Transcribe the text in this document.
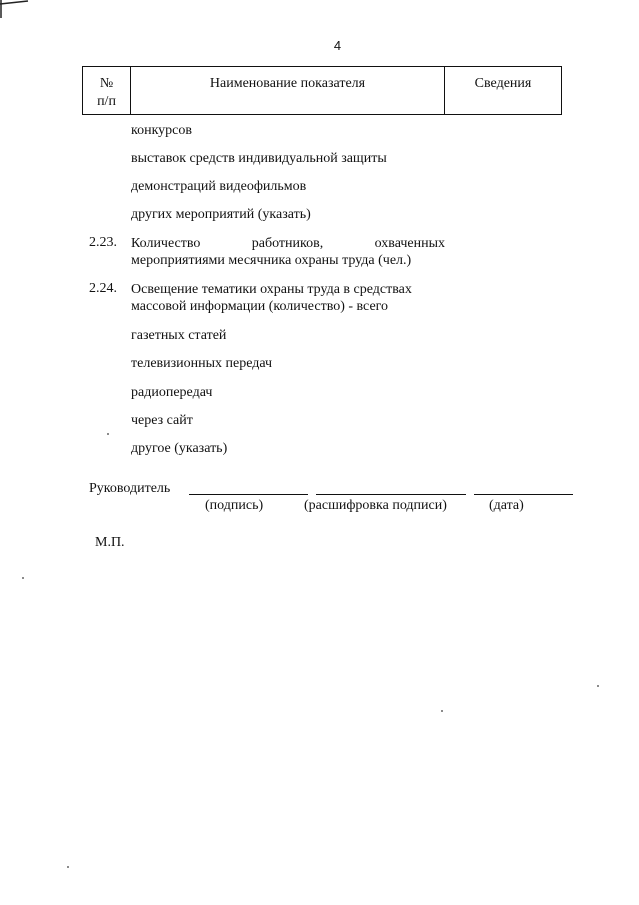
4
№
п/п
	Наименование показателя	Сведения
конкурсов
выставок средств индивидуальной защиты
демонстраций видеофильмов
других мероприятий (указать)
2.23. Количество работников, охваченных
мероприятиями месячника охраны труда (чел.)
2.24. Освещение тематики охраны труда в средствах
массовой информации (количество) - всего
газетных статей
телевизионных передач
радиопередач
через сайт
другое (указать)
Руководитель
(подпись)	(расшифровка подписи)	(дата)
М.П.
